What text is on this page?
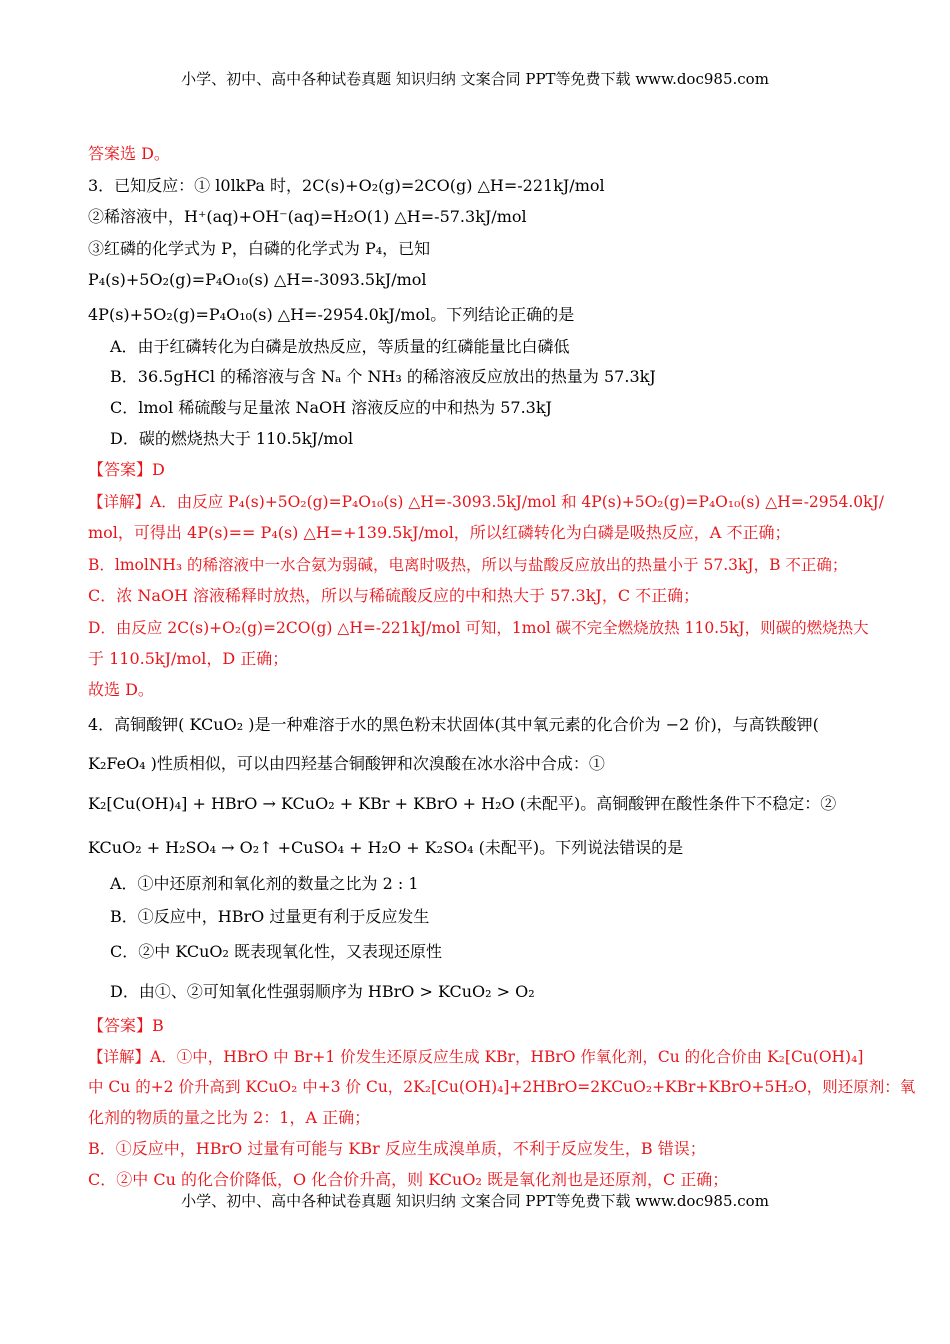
小学、初中、高中各种试卷真题 知识归纳 文案合同 PPT等免费下载 www.doc985.com
答案选 D。
3．已知反应：① l0lkPa 时，2C(s)+O₂(g)=2CO(g) △H=-221kJ/mol
②稀溶液中，H⁺(aq)+OH⁻(aq)=H₂O(1) △H=-57.3kJ/mol
③红磷的化学式为 P，白磷的化学式为 P₄，已知
P₄(s)+5O₂(g)=P₄O₁₀(s) △H=-3093.5kJ/mol
4P(s)+5O₂(g)=P₄O₁₀(s) △H=-2954.0kJ/mol。下列结论正确的是
A．由于红磷转化为白磷是放热反应，等质量的红磷能量比白磷低
B．36.5gHCl 的稀溶液与含 Nₐ 个 NH₃ 的稀溶液反应放出的热量为 57.3kJ
C．lmol 稀硫酸与足量浓 NaOH 溶液反应的中和热为 57.3kJ
D．碳的燃烧热大于 110.5kJ/mol
【答案】D
【详解】A．由反应 P₄(s)+5O₂(g)=P₄O₁₀(s) △H=-3093.5kJ/mol 和 4P(s)+5O₂(g)=P₄O₁₀(s) △H=-2954.0kJ/
mol，可得出 4P(s)== P₄(s) △H=+139.5kJ/mol，所以红磷转化为白磷是吸热反应，A 不正确；
B．lmolNH₃ 的稀溶液中一水合氨为弱碱，电离时吸热，所以与盐酸反应放出的热量小于 57.3kJ，B 不正确；
C．浓 NaOH 溶液稀释时放热，所以与稀硫酸反应的中和热大于 57.3kJ，C 不正确；
D．由反应 2C(s)+O₂(g)=2CO(g) △H=-221kJ/mol 可知，1mol 碳不完全燃烧放热 110.5kJ，则碳的燃烧热大
于 110.5kJ/mol，D 正确；
故选 D。
4．高铜酸钾( KCuO₂ )是一种难溶于水的黑色粉末状固体(其中氧元素的化合价为 −2 价)，与高铁酸钾(
K₂FeO₄ )性质相似，可以由四羟基合铜酸钾和次溴酸在冰水浴中合成：①
K₂[Cu(OH)₄] + HBrO → KCuO₂ + KBr + KBrO + H₂O (未配平)。高铜酸钾在酸性条件下不稳定：②
KCuO₂ + H₂SO₄ → O₂↑ +CuSO₄ + H₂O + K₂SO₄ (未配平)。下列说法错误的是
A．①中还原剂和氧化剂的数量之比为 2 : 1
B．①反应中，HBrO 过量更有利于反应发生
C．②中 KCuO₂ 既表现氧化性，又表现还原性
D．由①、②可知氧化性强弱顺序为 HBrO > KCuO₂ > O₂
【答案】B
【详解】A．①中，HBrO 中 Br+1 价发生还原反应生成 KBr，HBrO 作氧化剂，Cu 的化合价由 K₂[Cu(OH)₄]
中 Cu 的+2 价升高到 KCuO₂ 中+3 价 Cu，2K₂[Cu(OH)₄]+2HBrO=2KCuO₂+KBr+KBrO+5H₂O，则还原剂：氧
化剂的物质的量之比为 2：1，A 正确；
B．①反应中，HBrO 过量有可能与 KBr 反应生成溴单质，不利于反应发生，B 错误；
C．②中 Cu 的化合价降低，O 化合价升高，则 KCuO₂ 既是氧化剂也是还原剂，C 正确；
小学、初中、高中各种试卷真题 知识归纳 文案合同 PPT等免费下载 www.doc985.com
